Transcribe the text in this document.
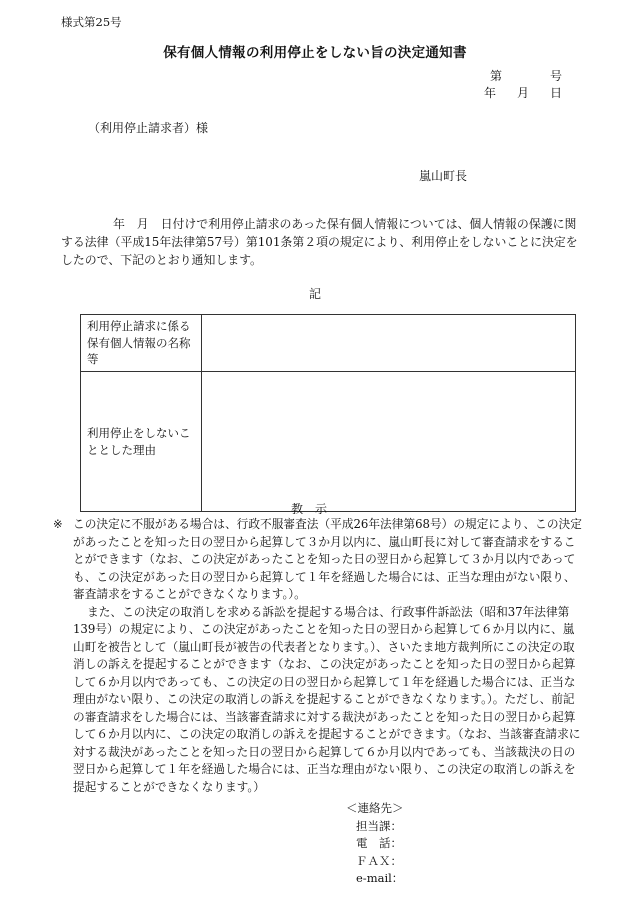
様式第25号
保有個人情報の利用停止をしない旨の決定通知書
第	号
年 月 日
（利用停止請求者）様
嵐山町長
年　月　日付けで利用停止請求のあった保有個人情報については、個人情報の保護に関する法律（平成15年法律第57号）第101条第２項の規定により、利用停止をしないことに決定をしたので、下記のとおり通知します。
記
利用停止請求に係る保有個人情報の名称等	
利用停止をしないこととした理由	
教示

※ この決定に不服がある場合は、行政不服審査法（平成26年法律第68号）の規定により、この決定があったことを知った日の翌日から起算して３か月以内に、嵐山町長に対して審査請求をすることができます（なお、この決定があったことを知った日の翌日から起算して３か月以内であっても、この決定があった日の翌日から起算して１年を経過した場合には、正当な理由がない限り、審査請求をすることができなくなります。）。

また、この決定の取消しを求める訴訟を提起する場合は、行政事件訴訟法（昭和37年法律第139号）の規定により、この決定があったことを知った日の翌日から起算して６か月以内に、嵐山町を被告として（嵐山町長が被告の代表者となります。）、さいたま地方裁判所にこの決定の取消しの訴えを提起することができます（なお、この決定があったことを知った日の翌日から起算して６か月以内であっても、この決定の日の翌日から起算して１年を経過した場合には、正当な理由がない限り、この決定の取消しの訴えを提起することができなくなります。）。ただし、前記の審査請求をした場合には、当該審査請求に対する裁決があったことを知った日の翌日から起算して６か月以内に、この決定の取消しの訴えを提起することができます。（なお、当該審査請求に対する裁決があったことを知った日の翌日から起算して６か月以内であっても、当該裁決の日の翌日から起算して１年を経過した場合には、正当な理由がない限り、この決定の取消しの訴えを提起することができなくなります。）

＜連絡先＞
担当課：
電　話：
ＦＡＸ：
e-mail：
